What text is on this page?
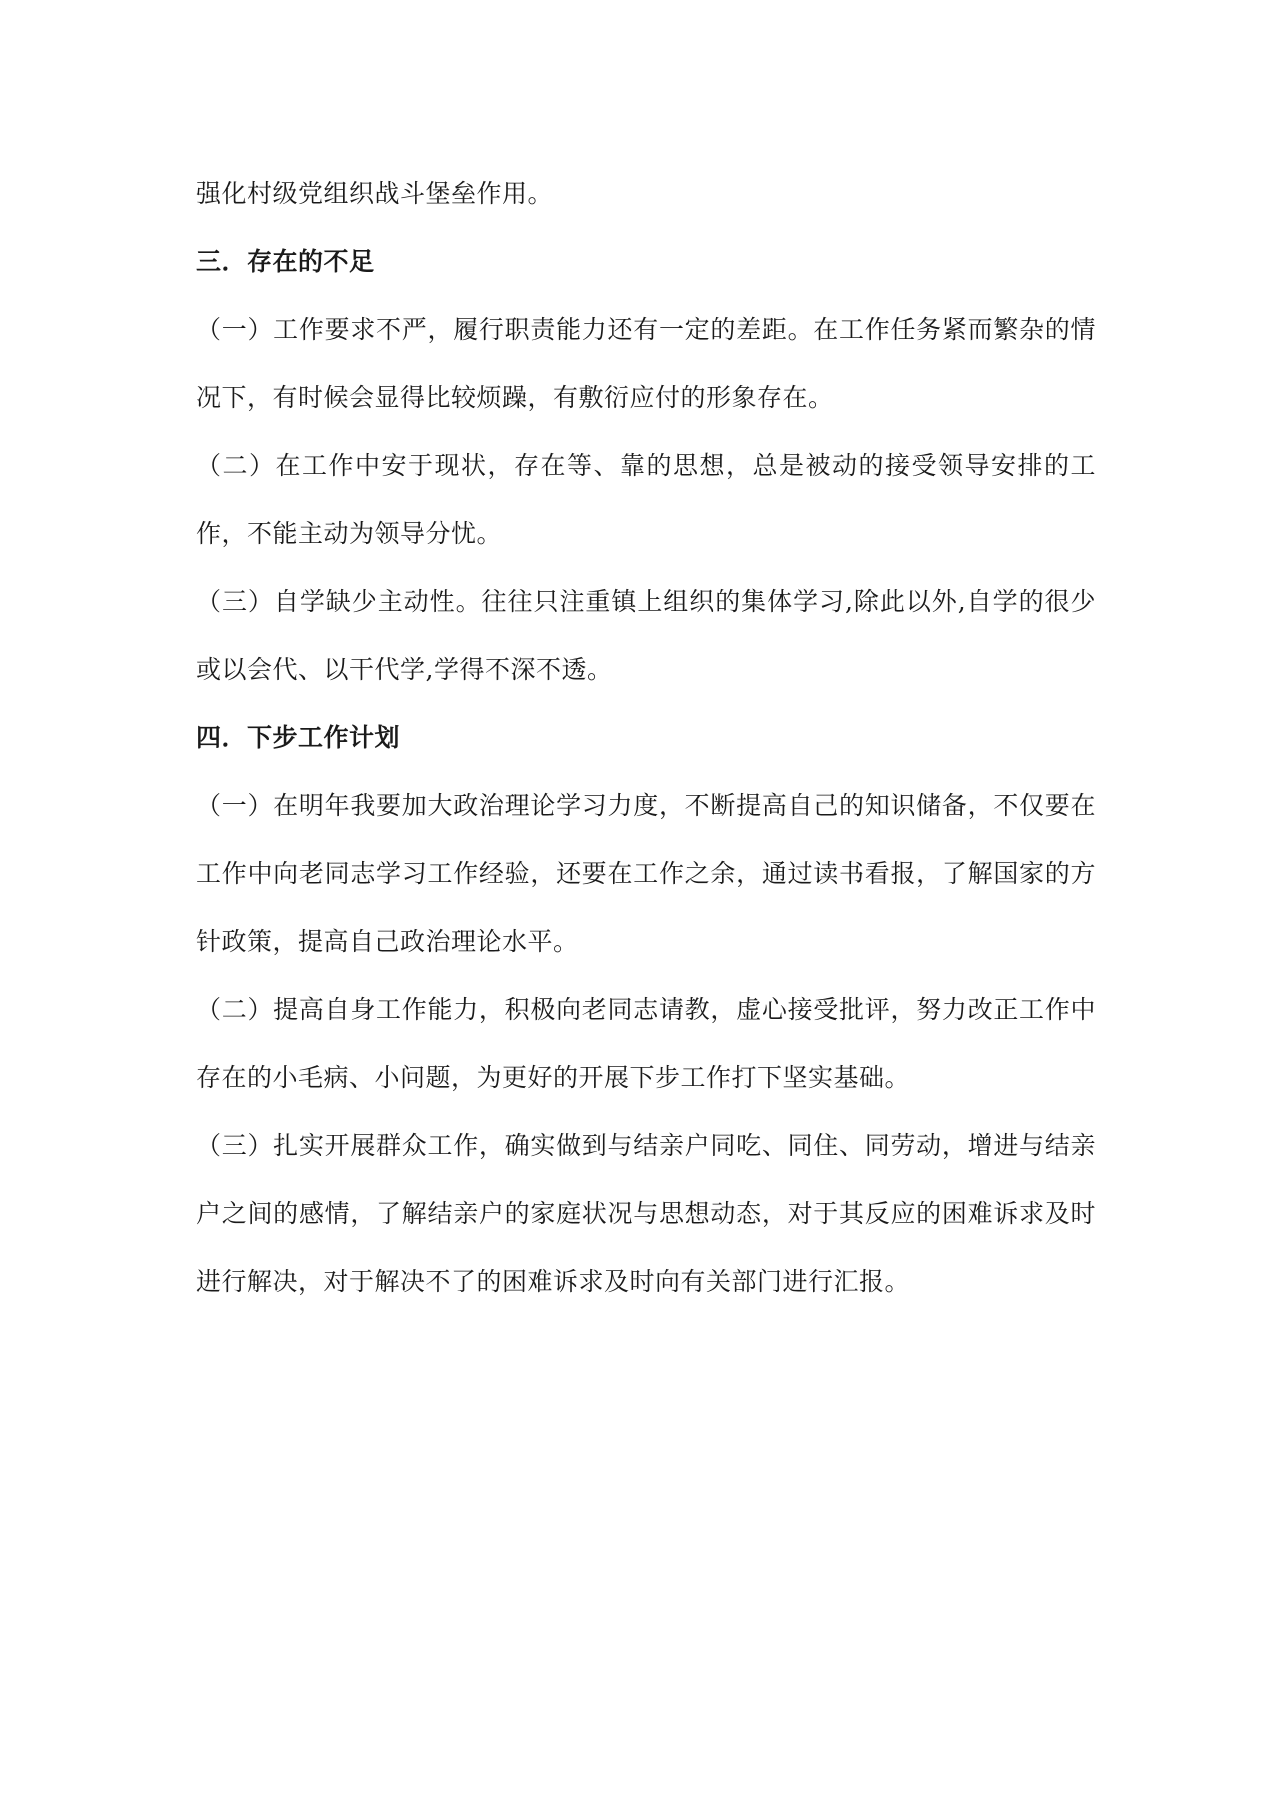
强化村级党组织战斗堡垒作用。

三．存在的不足

（一）工作要求不严，履行职责能力还有一定的差距。在工作任务紧而繁杂的情况下，有时候会显得比较烦躁，有敷衍应付的形象存在。

（二）在工作中安于现状，存在等、靠的思想，总是被动的接受领导安排的工作，不能主动为领导分忧。

（三）自学缺少主动性。往往只注重镇上组织的集体学习,除此以外,自学的很少或以会代、以干代学,学得不深不透。

四．下步工作计划

（一）在明年我要加大政治理论学习力度，不断提高自己的知识储备，不仅要在工作中向老同志学习工作经验，还要在工作之余，通过读书看报，了解国家的方针政策，提高自己政治理论水平。

（二）提高自身工作能力，积极向老同志请教，虚心接受批评，努力改正工作中存在的小毛病、小问题，为更好的开展下步工作打下坚实基础。

（三）扎实开展群众工作，确实做到与结亲户同吃、同住、同劳动，增进与结亲户之间的感情，了解结亲户的家庭状况与思想动态，对于其反应的困难诉求及时进行解决，对于解决不了的困难诉求及时向有关部门进行汇报。
